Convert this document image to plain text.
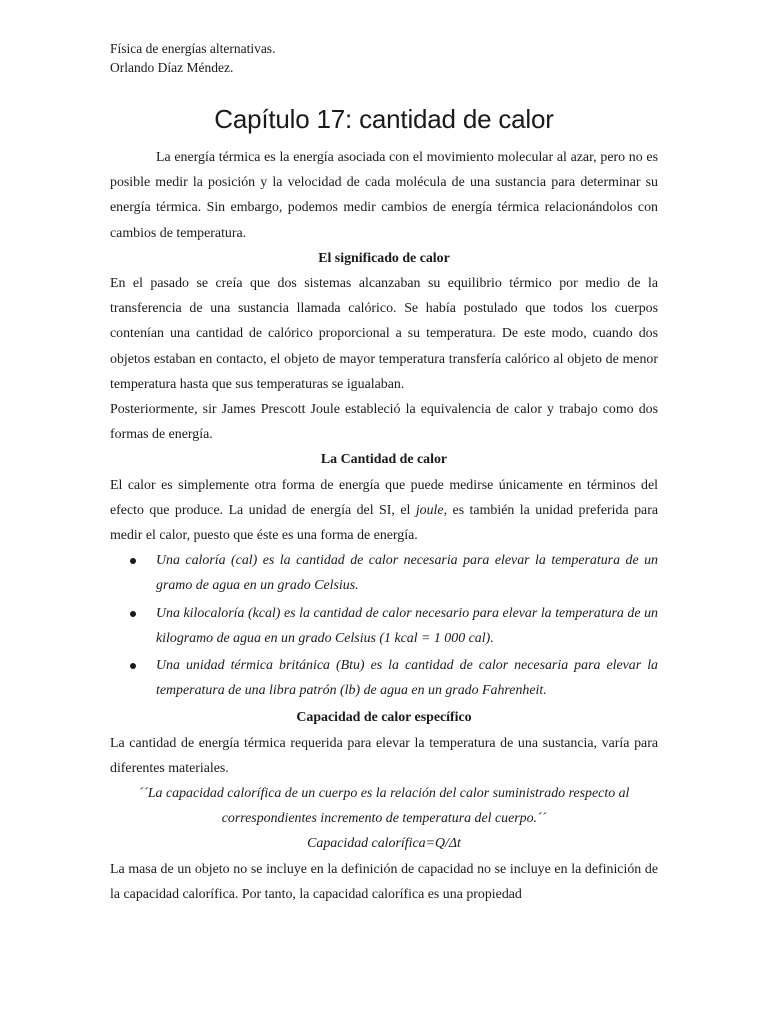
Física de energías alternativas.
Orlando Díaz Méndez.
Capítulo 17: cantidad de calor

La energía térmica es la energía asociada con el movimiento molecular al azar, pero no es posible medir la posición y la velocidad de cada molécula de una sustancia para determinar su energía térmica. Sin embargo, podemos medir cambios de energía térmica relacionándolos con cambios de temperatura.

El significado de calor

En el pasado se creía que dos sistemas alcanzaban su equilibrio térmico por medio de la transferencia de una sustancia llamada calórico. Se había postulado que todos los cuerpos contenían una cantidad de calórico proporcional a su temperatura. De este modo, cuando dos objetos estaban en contacto, el objeto de mayor temperatura transfería calórico al objeto de menor temperatura hasta que sus temperaturas se igualaban.

Posteriormente, sir James Prescott Joule estableció la equivalencia de calor y trabajo como dos formas de energía.

La Cantidad de calor

El calor es simplemente otra forma de energía que puede medirse únicamente en términos del efecto que produce. La unidad de energía del SI, el joule, es también la unidad preferida para medir el calor, puesto que éste es una forma de energía.

Una caloría (cal) es la cantidad de calor necesaria para elevar la temperatura de un gramo de agua en un grado Celsius.
Una kilocaloría (kcal) es la cantidad de calor necesario para elevar la temperatura de un kilogramo de agua en un grado Celsius (1 kcal = 1 000 cal).
Una unidad térmica británica (Btu) es la cantidad de calor necesaria para elevar la temperatura de una libra patrón (lb) de agua en un grado Fahrenheit.

Capacidad de calor específico

La cantidad de energía térmica requerida para elevar la temperatura de una sustancia, varía para diferentes materiales.

´´La capacidad calorífica de un cuerpo es la relación del calor suministrado respecto al correspondientes incremento de temperatura del cuerpo.´´

Capacidad calorífica=Q/Δt

La masa de un objeto no se incluye en la definición de capacidad no se incluye en la definición de la capacidad calorífica. Por tanto, la capacidad calorífica es una propiedad
